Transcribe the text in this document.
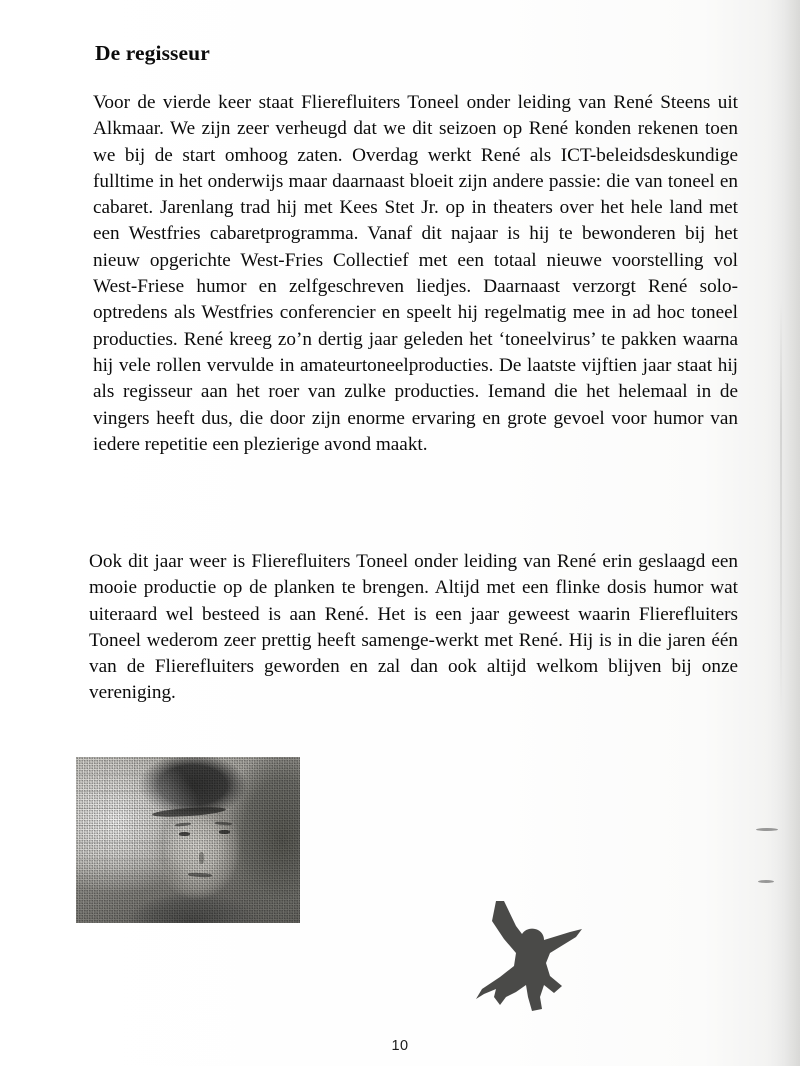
De regisseur

Voor de vierde keer staat Flierefluiters Toneel onder leiding van René Steens uit Alkmaar. We zijn zeer verheugd dat we dit seizoen op René konden rekenen toen we bij de start omhoog zaten. Overdag werkt René als ICT-beleidsdeskundige fulltime in het onderwijs maar daarnaast bloeit zijn andere passie: die van toneel en cabaret. Jarenlang trad hij met Kees Stet Jr. op in theaters over het hele land met een Westfries cabaretprogramma. Vanaf dit najaar is hij te bewonderen bij het nieuw opgerichte West-Fries Collectief met een totaal nieuwe voorstelling vol West-Friese humor en zelfgeschreven liedjes. Daarnaast verzorgt René solo-optredens als Westfries conferencier en speelt hij regelmatig mee in ad hoc toneel producties. René kreeg zo’n dertig jaar geleden het ‘toneelvirus’ te pakken waarna hij vele rollen vervulde in amateurtoneelproducties. De laatste vijftien jaar staat hij als regisseur aan het roer van zulke producties. Iemand die het helemaal in de vingers heeft dus, die door zijn enorme ervaring en grote gevoel voor humor van iedere repetitie een plezierige avond maakt.

Ook dit jaar weer is Flierefluiters Toneel onder leiding van René erin geslaagd een mooie productie op de planken te brengen. Altijd met een flinke dosis humor wat uiteraard wel besteed is aan René. Het is een jaar geweest waarin Flierefluiters Toneel wederom zeer prettig heeft samenge-werkt met René. Hij is in die jaren één van de Flierefluiters geworden en zal dan ook altijd welkom blijven bij onze vereniging.

10
